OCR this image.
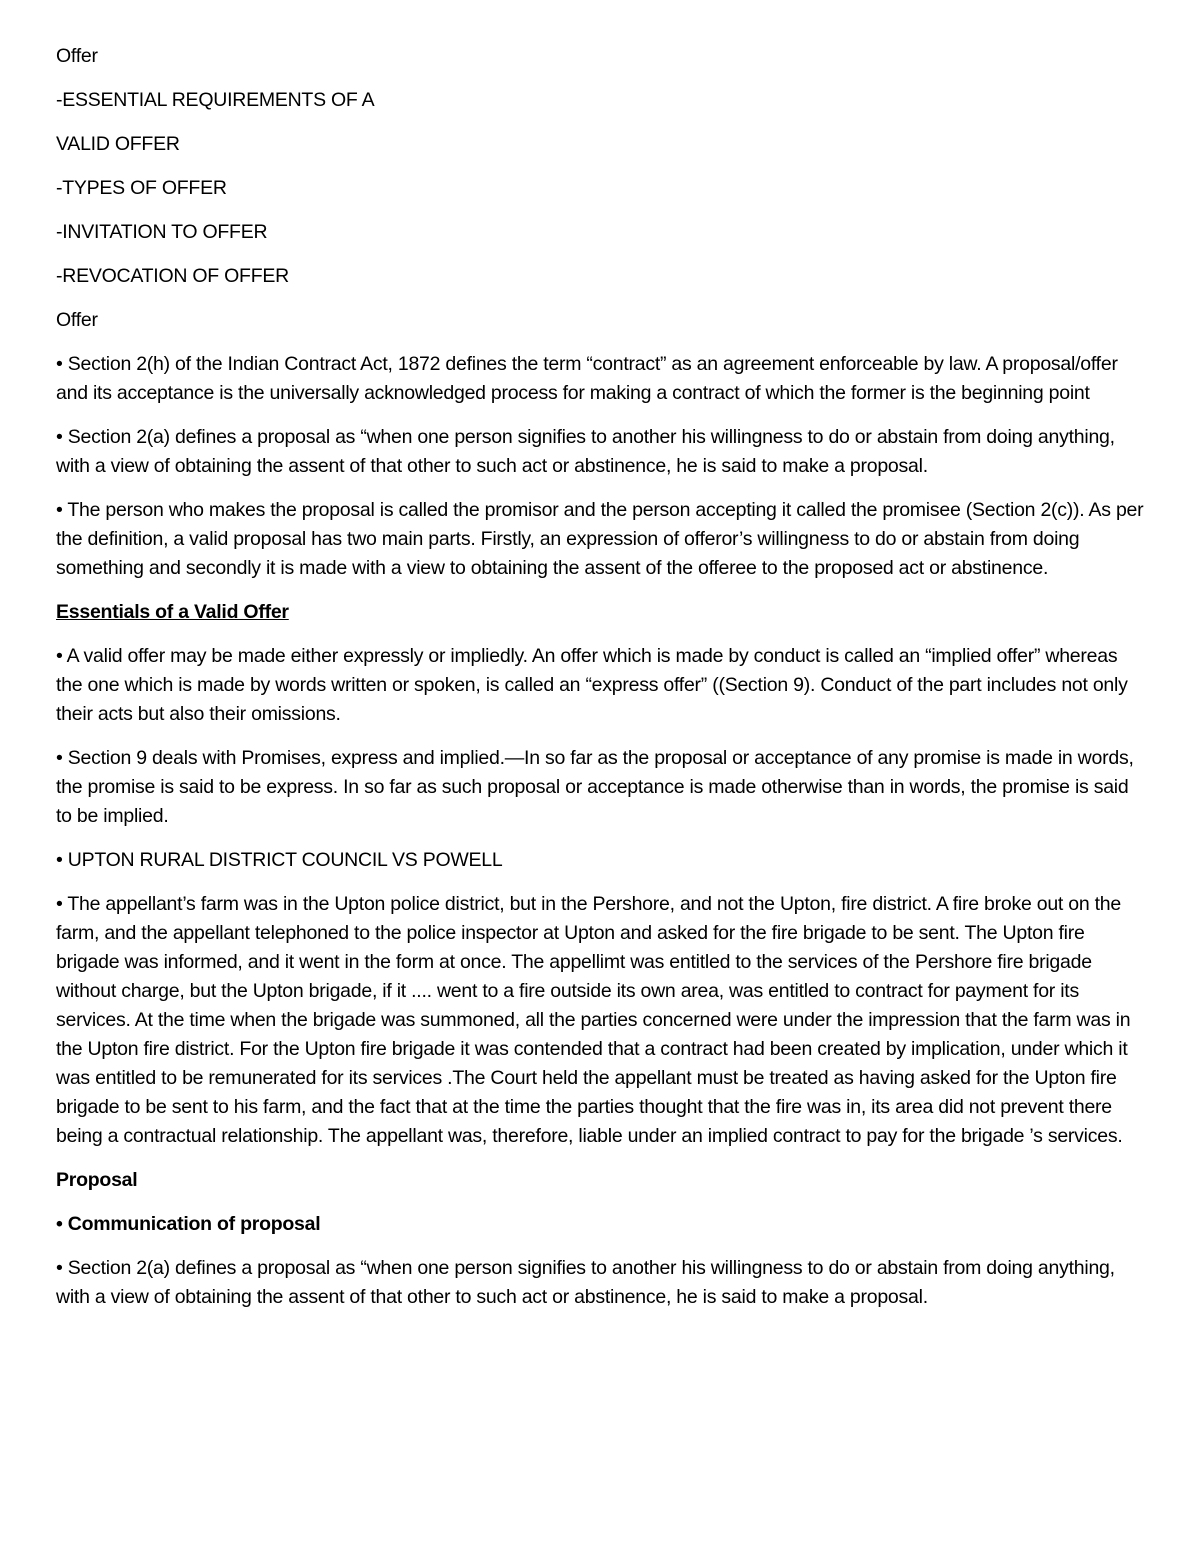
Offer

-ESSENTIAL REQUIREMENTS OF A

VALID OFFER

-TYPES OF OFFER

-INVITATION TO OFFER

-REVOCATION OF OFFER

Offer

• Section 2(h) of the Indian Contract Act, 1872 defines the term “contract” as an agreement enforceable by law. A proposal/offer and its acceptance is the universally acknowledged process for making a contract of which the former is the beginning point

• Section 2(a) defines a proposal as “when one person signifies to another his willingness to do or abstain from doing anything, with a view of obtaining the assent of that other to such act or abstinence, he is said to make a proposal.

• The person who makes the proposal is called the promisor and the person accepting it called the promisee (Section 2(c)). As per the definition, a valid proposal has two main parts. Firstly, an expression of offeror’s willingness to do or abstain from doing something and secondly it is made with a view to obtaining the assent of the offeree to the proposed act or abstinence.

Essentials of a Valid Offer

• A valid offer may be made either expressly or impliedly. An offer which is made by conduct is called an “implied offer” whereas the one which is made by words written or spoken, is called an “express offer” ((Section 9). Conduct of the part includes not only their acts but also their omissions.

• Section 9 deals with Promises, express and implied.—In so far as the proposal or acceptance of any promise is made in words, the promise is said to be express. In so far as such proposal or acceptance is made otherwise than in words, the promise is said to be implied.

• UPTON RURAL DISTRICT COUNCIL VS POWELL

• The appellant’s farm was in the Upton police district, but in the Pershore, and not the Upton, fire district. A fire broke out on the farm, and the appellant telephoned to the police inspector at Upton and asked for the fire brigade to be sent. The Upton fire brigade was informed, and it went in the form at once. The appellimt was entitled to the services of the Pershore fire brigade without charge, but the Upton brigade, if it .... went to a fire outside its own area, was entitled to contract for payment for its services. At the time when the brigade was summoned, all the parties concerned were under the impression that the farm was in the Upton fire district. For the Upton fire brigade it was contended that a contract had been created by implication, under which it was entitled to be remunerated for its services .The Court held the appellant must be treated as having asked for the Upton fire brigade to be sent to his farm, and the fact that at the time the parties thought that the fire was in, its area did not prevent there being a contractual relationship. The appellant was, therefore, liable under an implied contract to pay for the brigade ’s services.

Proposal

• Communication of proposal

• Section 2(a) defines a proposal as “when one person signifies to another his willingness to do or abstain from doing anything, with a view of obtaining the assent of that other to such act or abstinence, he is said to make a proposal.
